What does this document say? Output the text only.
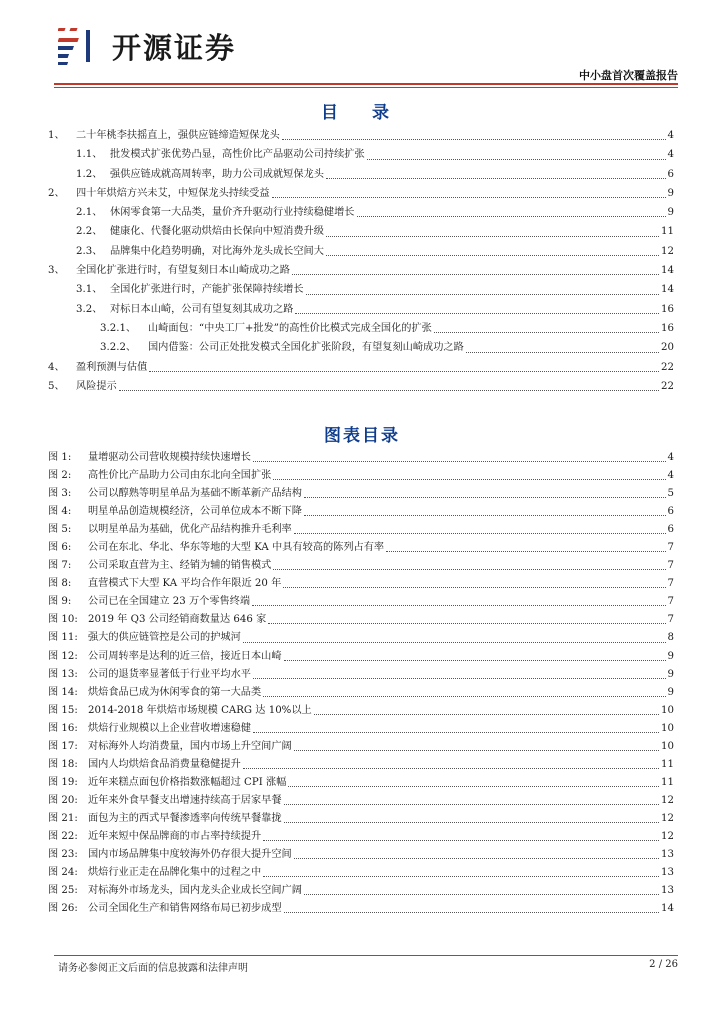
开源证券
中小盘首次覆盖报告
目 录
1、 二十年桃李扶摇直上，强供应链缔造短保龙头	4
1.1、 批发模式扩张优势凸显，高性价比产品驱动公司持续扩张	4
1.2、 强供应链成就高周转率，助力公司成就短保龙头	6
2、 四十年烘焙方兴未艾，中短保龙头持续受益	9
2.1、 休闲零食第一大品类，量价齐升驱动行业持续稳健增长	9
2.2、 健康化、代餐化驱动烘焙由长保向中短消费升级	11
2.3、 品牌集中化趋势明确，对比海外龙头成长空间大	12
3、 全国化扩张进行时，有望复刻日本山崎成功之路	14
3.1、 全国化扩张进行时，产能扩张保障持续增长	14
3.2、 对标日本山崎，公司有望复刻其成功之路	16
3.2.1、 山崎面包：“中央工厂+批发”的高性价比模式完成全国化的扩张	16
3.2.2、 国内借鉴：公司正处批发模式全国化扩张阶段，有望复刻山崎成功之路	20
4、 盈利预测与估值	22
5、 风险提示	22
图表目录
图 1:	量增驱动公司营收规模持续快速增长	4
图 2:	高性价比产品助力公司由东北向全国扩张	4
图 3:	公司以醇熟等明星单品为基础不断革新产品结构	5
图 4:	明星单品创造规模经济，公司单位成本不断下降	6
图 5:	以明星单品为基础，优化产品结构推升毛利率	6
图 6:	公司在东北、华北、华东等地的大型 KA 中具有较高的陈列占有率	7
图 7:	公司采取直营为主、经销为辅的销售模式	7
图 8:	直营模式下大型 KA 平均合作年限近 20 年	7
图 9:	公司已在全国建立 23 万个零售终端	7
图 10: 2019 年 Q3 公司经销商数量达 646 家	7
图 11: 强大的供应链管控是公司的护城河	8
图 12: 公司周转率是达利的近三倍，接近日本山崎	9
图 13: 公司的退货率显著低于行业平均水平	9
图 14: 烘焙食品已成为休闲零食的第一大品类	9
图 15: 2014-2018 年烘焙市场规模 CARG 达 10%以上	10
图 16: 烘焙行业规模以上企业营收增速稳健	10
图 17: 对标海外人均消费量，国内市场上升空间广阔	10
图 18: 国内人均烘焙食品消费量稳健提升	11
图 19: 近年来糕点面包价格指数涨幅超过 CPI 涨幅	11
图 20: 近年来外食早餐支出增速持续高于居家早餐	12
图 21: 面包为主的西式早餐渗透率向传统早餐靠拢	12
图 22: 近年来短中保品牌商的市占率持续提升	12
图 23: 国内市场品牌集中度较海外仍存很大提升空间	13
图 24: 烘焙行业正走在品牌化集中的过程之中	13
图 25: 对标海外市场龙头，国内龙头企业成长空间广阔	13
图 26: 公司全国化生产和销售网络布局已初步成型	14
请务必参阅正文后面的信息披露和法律声明	2 / 26
